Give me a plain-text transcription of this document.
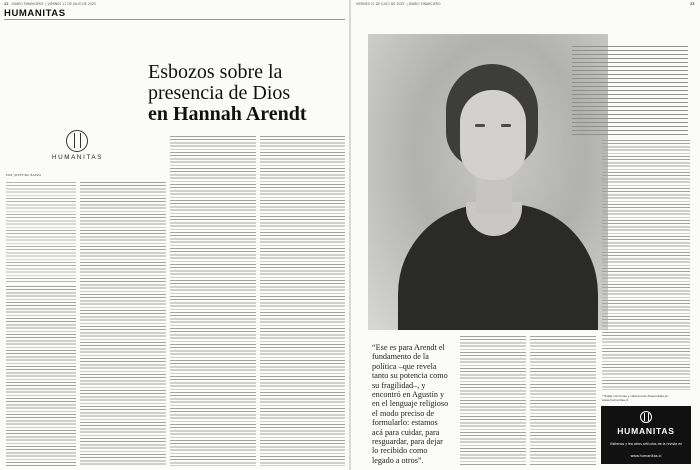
22 DIARIO FINANCIERO  | VIERNES 11 DE JULIO DE 2025	VIERNES 11 DE JULIO DE 2025  | DIARIO FINANCIERO	23
HUMANITAS
Esbozos sobre la
presencia de Dios
en Hannah Arendt
HUMANITAS
POR JOSEFINA BAEZA
“Ese es para Arendt el fundamento de la política –que revela tanto su potencia como su fragilidad–, y encontró en Agustín y en el lenguaje religioso el modo preciso de formularlo: estamos acá para cuidar, para resguardar, para dejar lo recibido como legado a otros”.
* Estas columnas y referencias disponibles en www.humanitas.cl
HUMANITAS
Visítenos y lea otros artículos de la revista en
www.humanitas.cl
